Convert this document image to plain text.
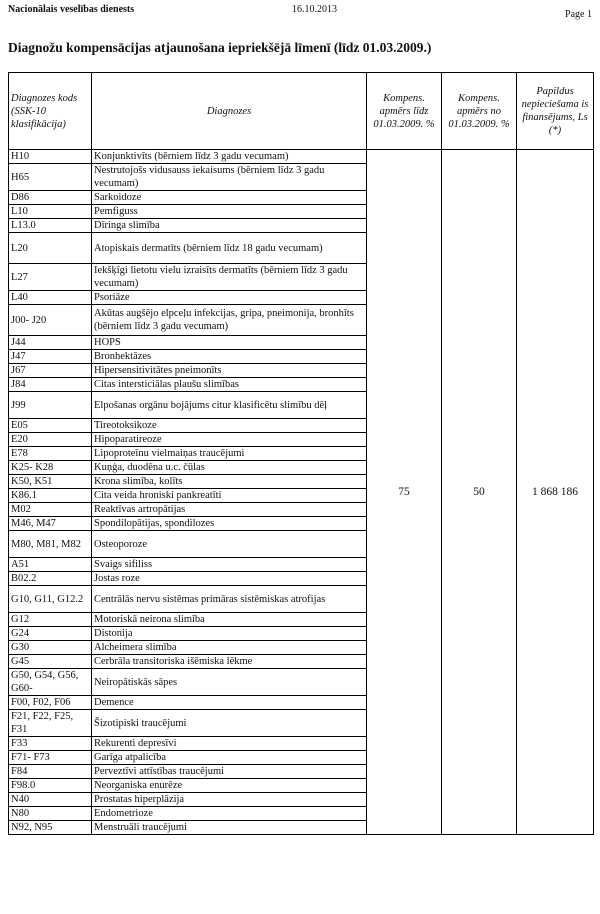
Nacionālais veselības dienests	16.10.2013	Page 1
Diagnožu kompensācijas atjaunošana iepriekšējā līmenī (līdz 01.03.2009.)
Diagnozes kods (SSK-10 klasifikācija)	Diagnozes	Kompens. apmērs līdz 01.03.2009. %	Kompens. apmērs no 01.03.2009. %	Papildus nepieciešama is finansējums, Ls (*)
H10	Konjunktivīts (bērniem līdz 3 gadu vecumam)	75	50	1 868 186
H65	Nestrutojošs vidusauss iekaisums (bērniem līdz 3 gadu vecumam)			
D86	Sarkoidoze			
L10	Pemfiguss			
L13.0	Dīringa slimība			
L20	Atopiskais dermatīts (bērniem līdz 18 gadu vecumam)			
L27	Iekšķīgi lietotu vielu izraisīts dermatīts (bērniem līdz 3 gadu vecumam)			
L40	Psoriāze			
J00- J20	Akūtas augšējo elpceļu infekcijas, gripa, pneimonija, bronhīts (bērniem līdz 3 gadu vecumam)			
J44	HOPS			
J47	Bronhektāzes			
J67	Hipersensitivitātes pneimonīts			
J84	Citas intersticiālas plaušu slimības			
J99	Elpošanas orgānu bojājums citur klasificētu slimību dēļ			
E05	Tireotoksikoze			
E20	Hipoparatireoze			
E78	Lipoproteīnu vielmaiņas traucējumi			
K25- K28	Kuņģa, duodēna u.c. čūlas			
K50, K51	Krona slimība, kolīts			
K86.1	Cita veida hroniski pankreatīti			
M02	Reaktīvas artropātijas			
M46, M47	Spondilopātijas, spondilozes			
M80, M81, M82	Osteoporoze			
A51	Svaigs sifiliss			
B02.2	Jostas roze			
G10, G11, G12.2	Centrālās nervu sistēmas primāras sistēmiskas atrofijas			
G12	Motoriskā neirona slimība			
G24	Distonija			
G30	Alcheimera slimība			
G45	Cerbrāla transitoriska išēmiska lēkme			
G50, G54, G56, G60-	Neiropātiskās sāpes			
F00, F02, F06	Demence			
F21, F22, F25, F31	Šizotipiski traucējumi			
F33	Rekurenti depresīvi			
F71- F73	Garīga atpalicība			
F84	Perveztīvi attīstības traucējumi			
F98.0	Neorganiska enurēze			
N40	Prostatas hiperplāzija			
N80	Endometrioze			
N92, N95	Menstruāli traucējumi			
